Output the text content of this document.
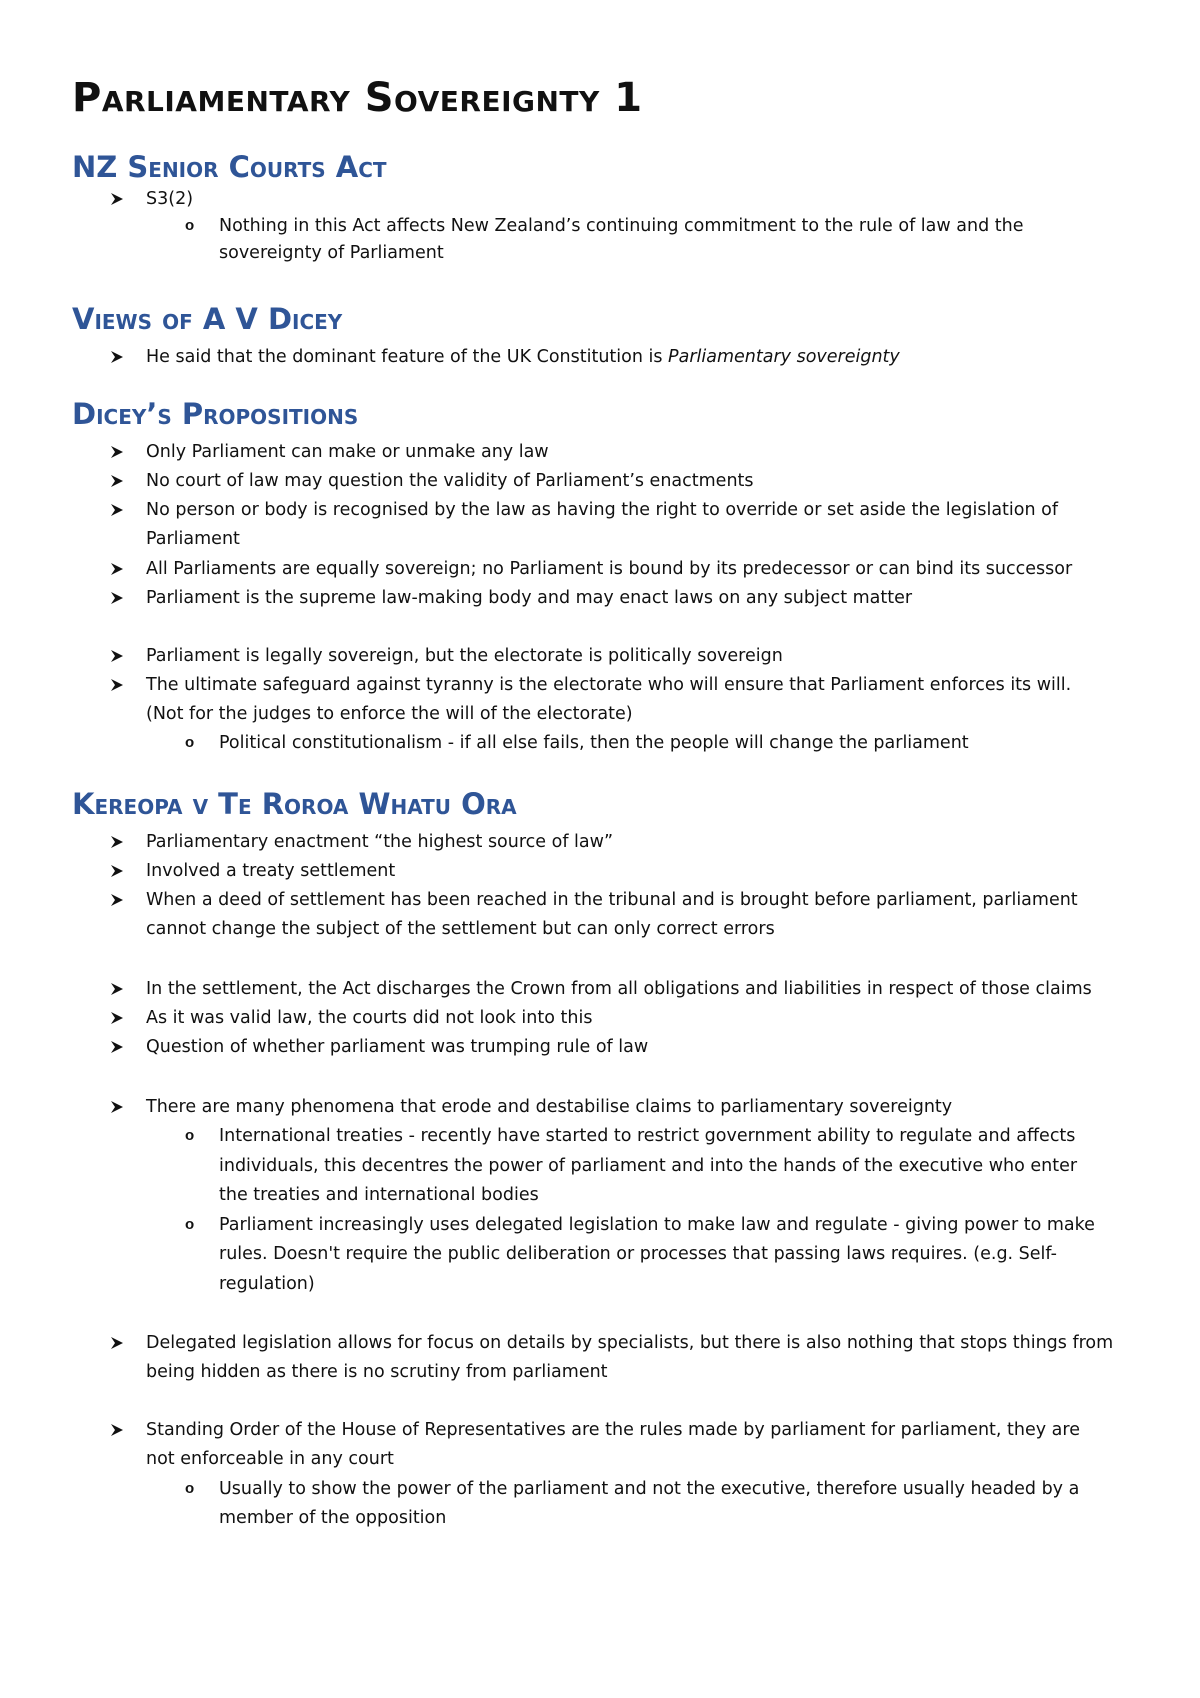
Parliamentary Sovereignty 1
NZ Senior Courts Act
S3(2)
o Nothing in this Act affects New Zealand’s continuing commitment to the rule of law and the
sovereignty of Parliament
Views of A V Dicey
He said that the dominant feature of the UK Constitution is Parliamentary sovereignty
Dicey’s Propositions
Only Parliament can make or unmake any law
No court of law may question the validity of Parliament’s enactments
No person or body is recognised by the law as having the right to override or set aside the legislation of
Parliament
All Parliaments are equally sovereign; no Parliament is bound by its predecessor or can bind its successor
Parliament is the supreme law-making body and may enact laws on any subject matter
Parliament is legally sovereign, but the electorate is politically sovereign
The ultimate safeguard against tyranny is the electorate who will ensure that Parliament enforces its will.
(Not for the judges to enforce the will of the electorate)
o Political constitutionalism - if all else fails, then the people will change the parliament
Kereopa v Te Roroa Whatu Ora
Parliamentary enactment “the highest source of law”
Involved a treaty settlement
When a deed of settlement has been reached in the tribunal and is brought before parliament, parliament
cannot change the subject of the settlement but can only correct errors
In the settlement, the Act discharges the Crown from all obligations and liabilities in respect of those claims
As it was valid law, the courts did not look into this
Question of whether parliament was trumping rule of law
There are many phenomena that erode and destabilise claims to parliamentary sovereignty
o International treaties - recently have started to restrict government ability to regulate and affects
individuals, this decentres the power of parliament and into the hands of the executive who enter
the treaties and international bodies
o Parliament increasingly uses delegated legislation to make law and regulate - giving power to make
rules. Doesn't require the public deliberation or processes that passing laws requires. (e.g. Self-
regulation)
Delegated legislation allows for focus on details by specialists, but there is also nothing that stops things from
being hidden as there is no scrutiny from parliament
Standing Order of the House of Representatives are the rules made by parliament for parliament, they are
not enforceable in any court
o Usually to show the power of the parliament and not the executive, therefore usually headed by a
member of the opposition
